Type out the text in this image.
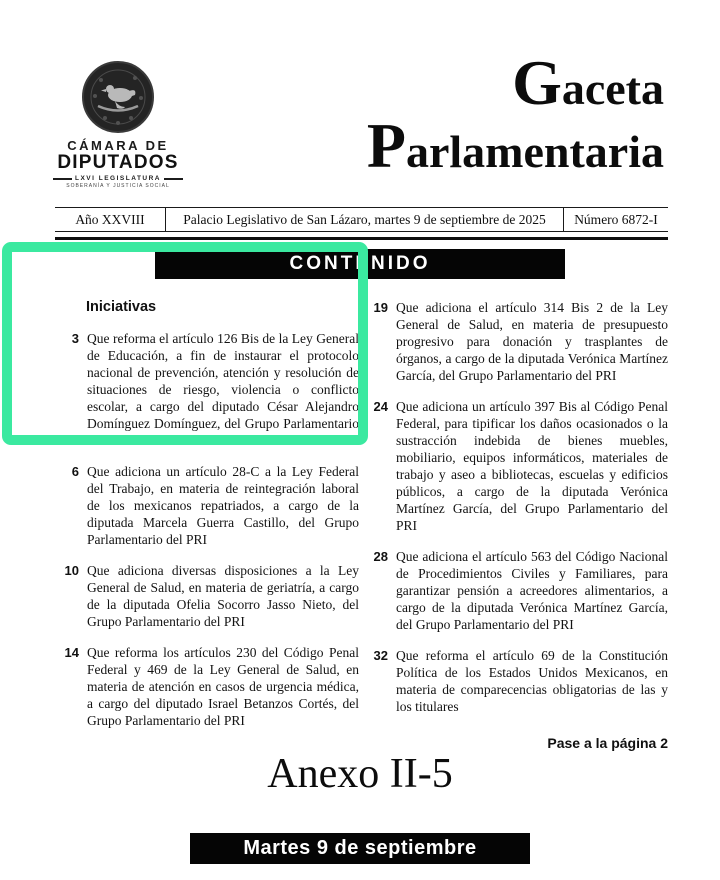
CÁMARA DE
DIPUTADOS
LXVI LEGISLATURA
SOBERANÍA Y JUSTICIA SOCIAL
Gaceta
Parlamentaria
Año XXVIII	Palacio Legislativo de San Lázaro, martes 9 de septiembre de 2025	Número 6872-I
CONTENIDO
Iniciativas
3 Que reforma el artículo 126 Bis de la Ley General de Educación, a fin de instaurar el protocolo nacional de prevención, atención y resolución de situaciones de riesgo, violencia o conflicto escolar, a cargo del diputado César Alejandro Domínguez Domínguez, del Grupo Parlamentario del PRI
6 Que adiciona un artículo 28-C a la Ley Federal del Trabajo, en materia de reintegración laboral de los mexicanos repatriados, a cargo de la diputada Marcela Guerra Castillo, del Grupo Parlamentario del PRI
10 Que adiciona diversas disposiciones a la Ley General de Salud, en materia de geriatría, a cargo de la diputada Ofelia Socorro Jasso Nieto, del Grupo Parlamentario del PRI
14 Que reforma los artículos 230 del Código Penal Federal y 469 de la Ley General de Salud, en materia de atención en casos de urgencia médica, a cargo del diputado Israel Betanzos Cortés, del Grupo Parlamentario del PRI
19 Que adiciona el artículo 314 Bis 2 de la Ley General de Salud, en materia de presupuesto progresivo para donación y trasplantes de órganos, a cargo de la diputada Verónica Martínez García, del Grupo Parlamentario del PRI
24 Que adiciona un artículo 397 Bis al Código Penal Federal, para tipificar los daños ocasionados o la sustracción indebida de bienes muebles, mobiliario, equipos informáticos, materiales de trabajo y aseo a bibliotecas, escuelas y edificios públicos, a cargo de la diputada Verónica Martínez García, del Grupo Parlamentario del PRI
28 Que adiciona el artículo 563 del Código Nacional de Procedimientos Civiles y Familiares, para garantizar pensión a acreedores alimentarios, a cargo de la diputada Verónica Martínez García, del Grupo Parlamentario del PRI
32 Que reforma el artículo 69 de la Constitución Política de los Estados Unidos Mexicanos, en materia de comparecencias obligatorias de las y los titulares
Pase a la página 2
Anexo II-5
Martes 9 de septiembre
